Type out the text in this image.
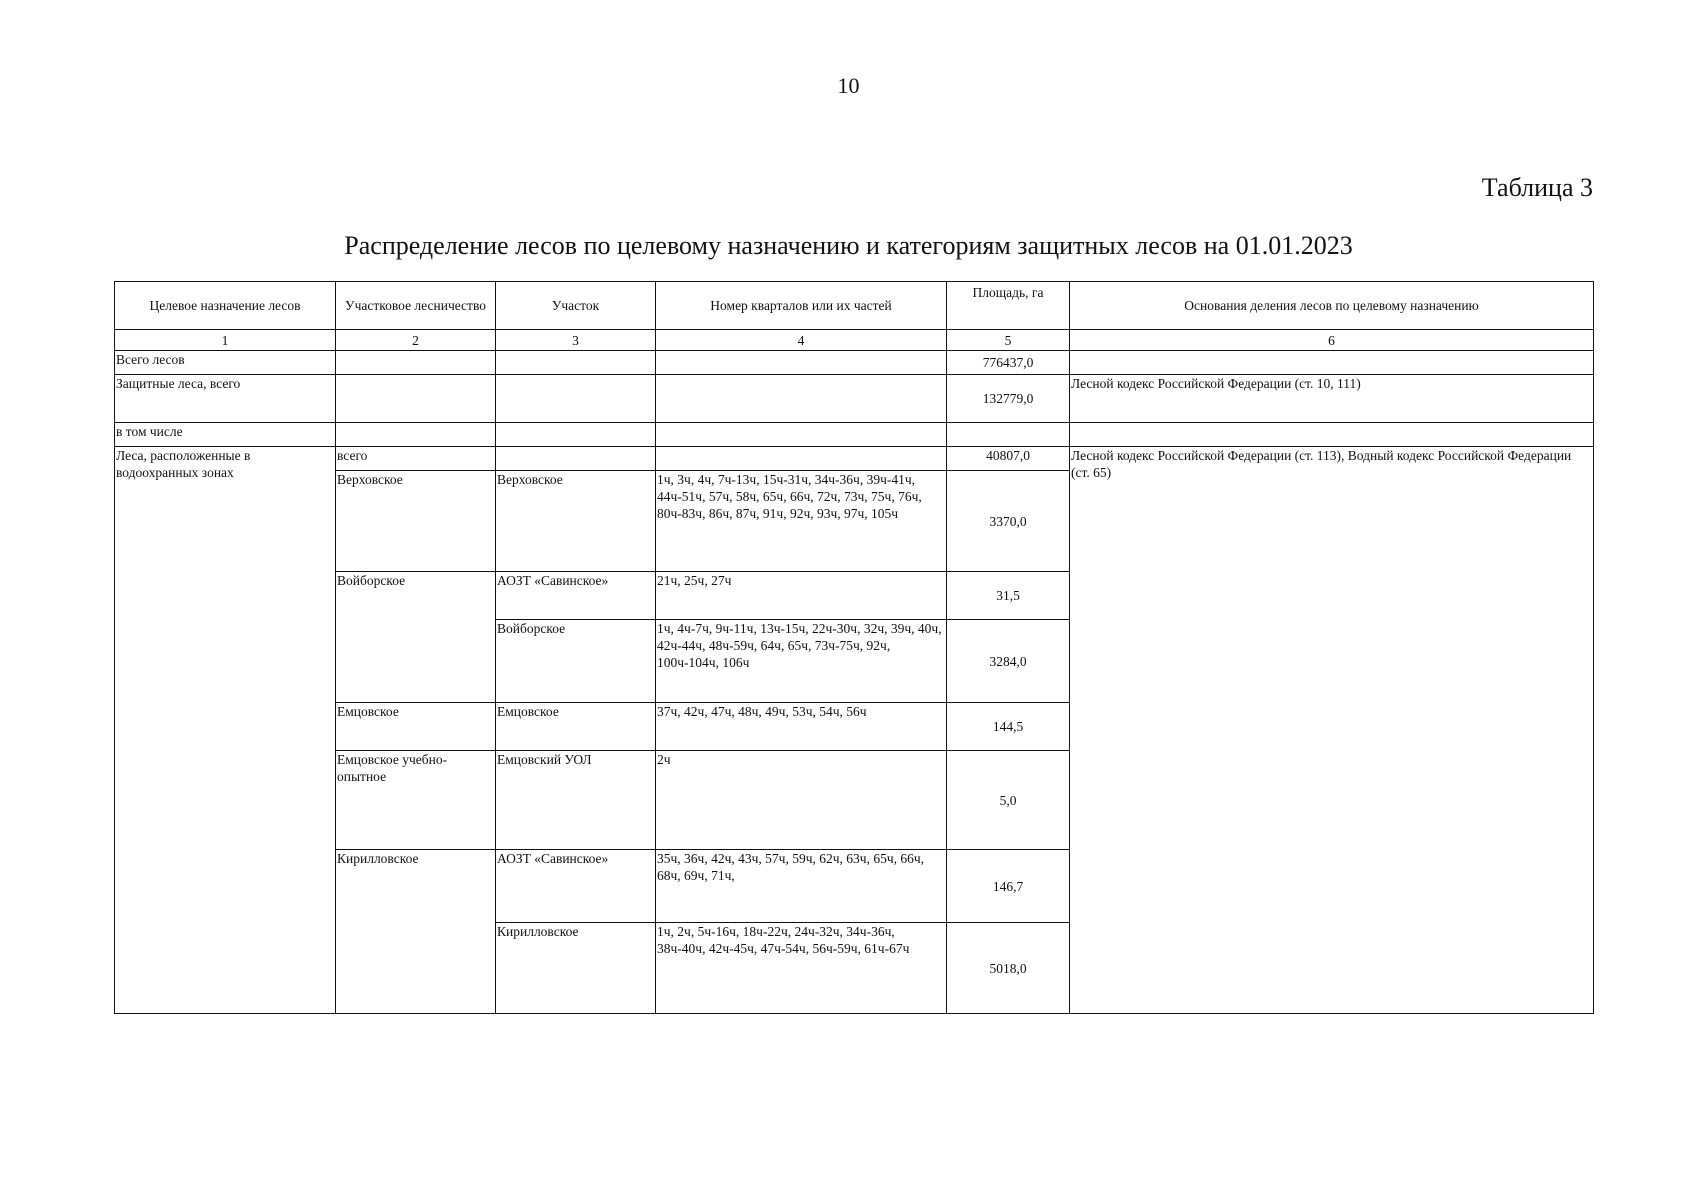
10
Таблица 3
Распределение лесов по целевому назначению и категориям защитных лесов на 01.01.2023
Целевое назначение лесов	Участковое лесничество	Участок	Номер кварталов или их частей	Площадь, га	Основания деления лесов по целевому назначению
1	2	3	4	5	6
Всего лесов				776437,0	
Защитные леса, всего				132779,0	Лесной кодекс Российской Федерации (ст. 10, 111)
в том числе					
Леса, расположенные в водоохранных зонах	всего			40807,0	Лесной кодекс Российской Федерации (ст. 113), Водный кодекс Российской Федерации (ст. 65)
	Верховское	Верховское	1ч, 3ч, 4ч, 7ч-13ч, 15ч-31ч, 34ч-36ч, 39ч-41ч, 44ч-51ч, 57ч, 58ч, 65ч, 66ч, 72ч, 73ч, 75ч, 76ч, 80ч-83ч, 86ч, 87ч, 91ч, 92ч, 93ч, 97ч, 105ч	3370,0	
	Войборское	АОЗТ «Савинское»	21ч, 25ч, 27ч	31,5	
		Войборское	1ч, 4ч-7ч, 9ч-11ч, 13ч-15ч, 22ч-30ч, 32ч, 39ч, 40ч, 42ч-44ч, 48ч-59ч, 64ч, 65ч, 73ч-75ч, 92ч, 100ч-104ч, 106ч	3284,0	
	Емцовское	Емцовское	37ч, 42ч, 47ч, 48ч, 49ч, 53ч, 54ч, 56ч	144,5	
	Емцовское учебно-опытное	Емцовский УОЛ	2ч	5,0	
	Кирилловское	АОЗТ «Савинское»	35ч, 36ч, 42ч, 43ч, 57ч, 59ч, 62ч, 63ч, 65ч, 66ч, 68ч, 69ч, 71ч,	146,7	
		Кирилловское	1ч, 2ч, 5ч-16ч, 18ч-22ч, 24ч-32ч, 34ч-36ч, 38ч-40ч, 42ч-45ч, 47ч-54ч, 56ч-59ч, 61ч-67ч	5018,0	
